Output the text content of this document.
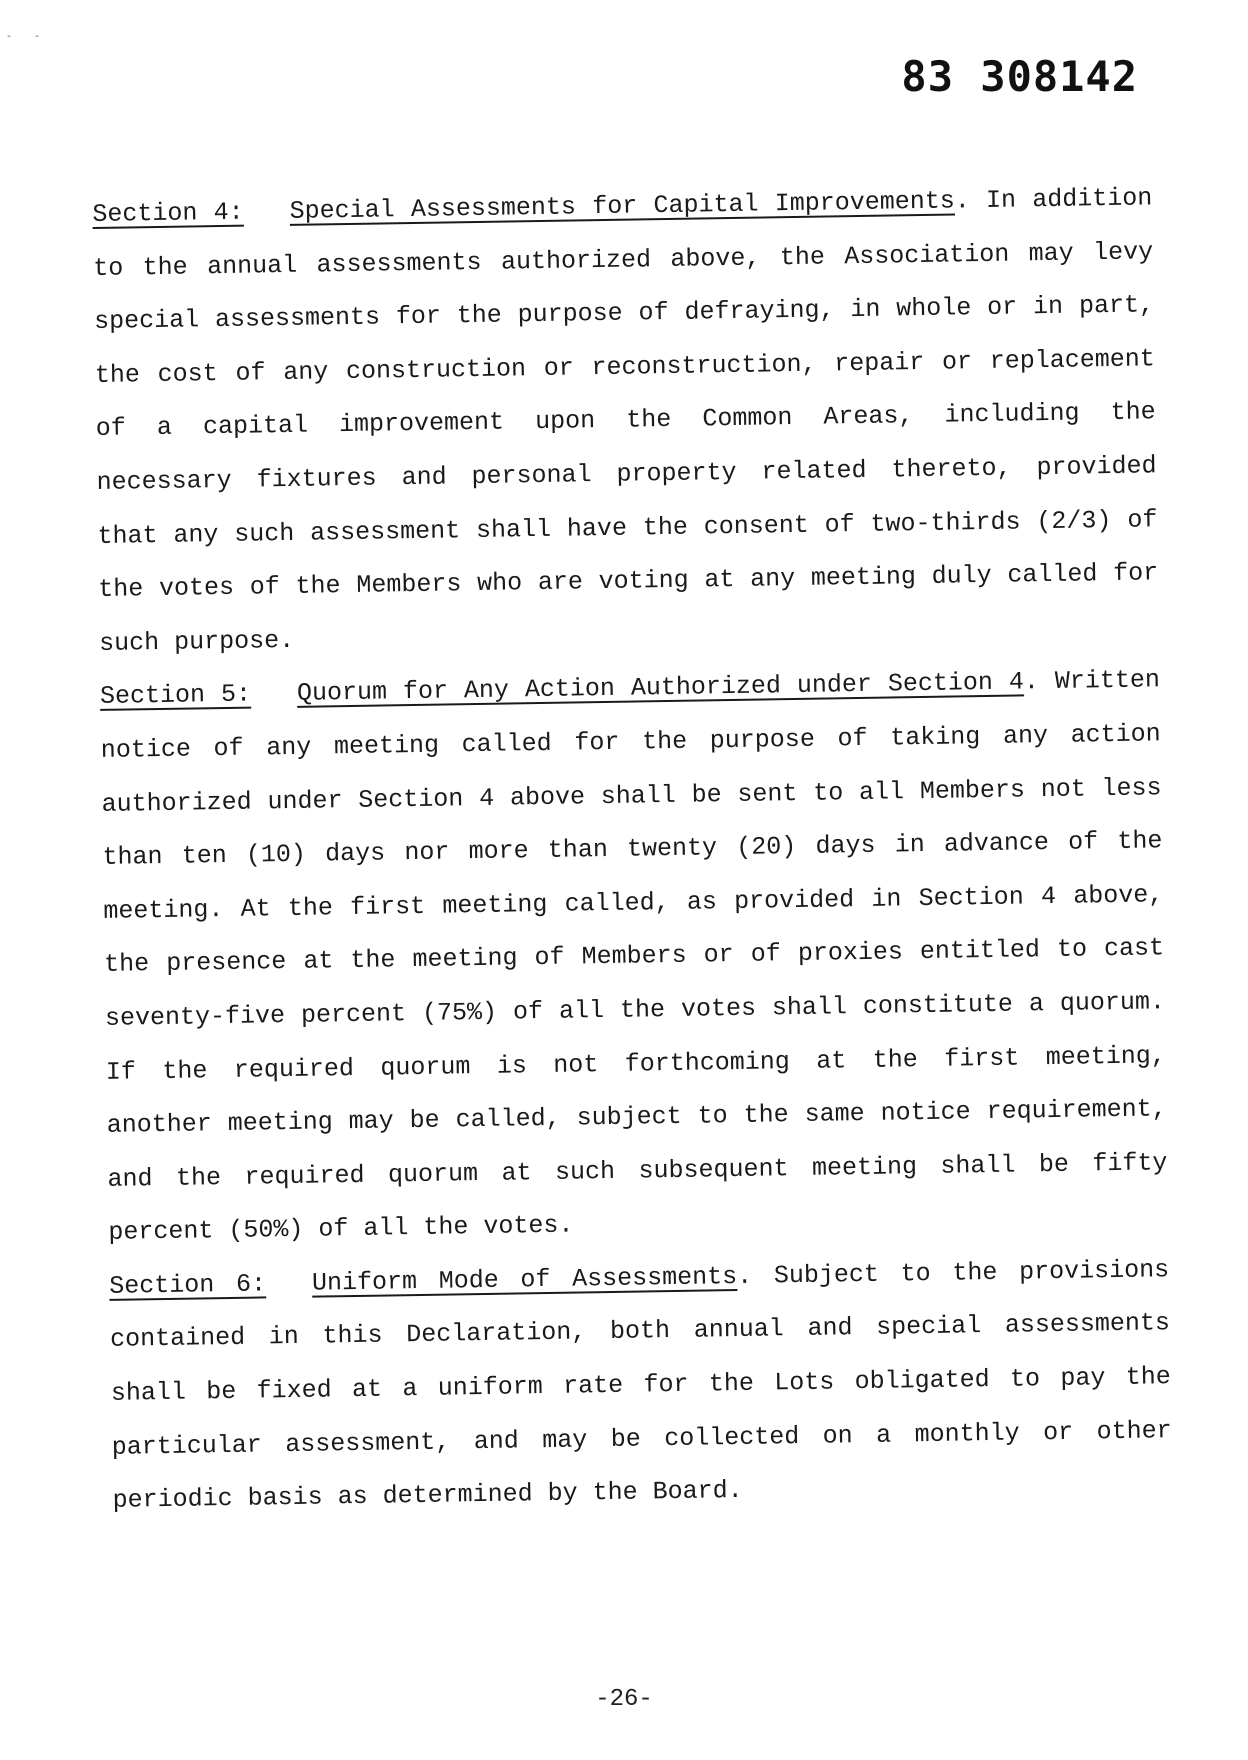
- -
83 308142

Section 4: Special Assessments for Capital Improvements. In addition to the annual assessments authorized above, the Association may levy special assessments for the purpose of defraying, in whole or in part, the cost of any construction or reconstruction, repair or replacement of a capital improvement upon the Common Areas, including the necessary fixtures and personal property related thereto, provided that any such assessment shall have the consent of two-thirds (2/3) of the votes of the Members who are voting at any meeting duly called for such purpose.

Section 5: Quorum for Any Action Authorized under Section 4. Written notice of any meeting called for the purpose of taking any action authorized under Section 4 above shall be sent to all Members not less than ten (10) days nor more than twenty (20) days in advance of the meeting. At the first meeting called, as provided in Section 4 above, the presence at the meeting of Members or of proxies entitled to cast seventy-five percent (75%) of all the votes shall constitute a quorum. If the required quorum is not forthcoming at the first meeting, another meeting may be called, subject to the same notice requirement, and the required quorum at such subsequent meeting shall be fifty percent (50%) of all the votes.

Section 6: Uniform Mode of Assessments. Subject to the provisions contained in this Declaration, both annual and special assessments shall be fixed at a uniform rate for the Lots obligated to pay the particular assessment, and may be collected on a monthly or other periodic basis as determined by the Board.

-26-
